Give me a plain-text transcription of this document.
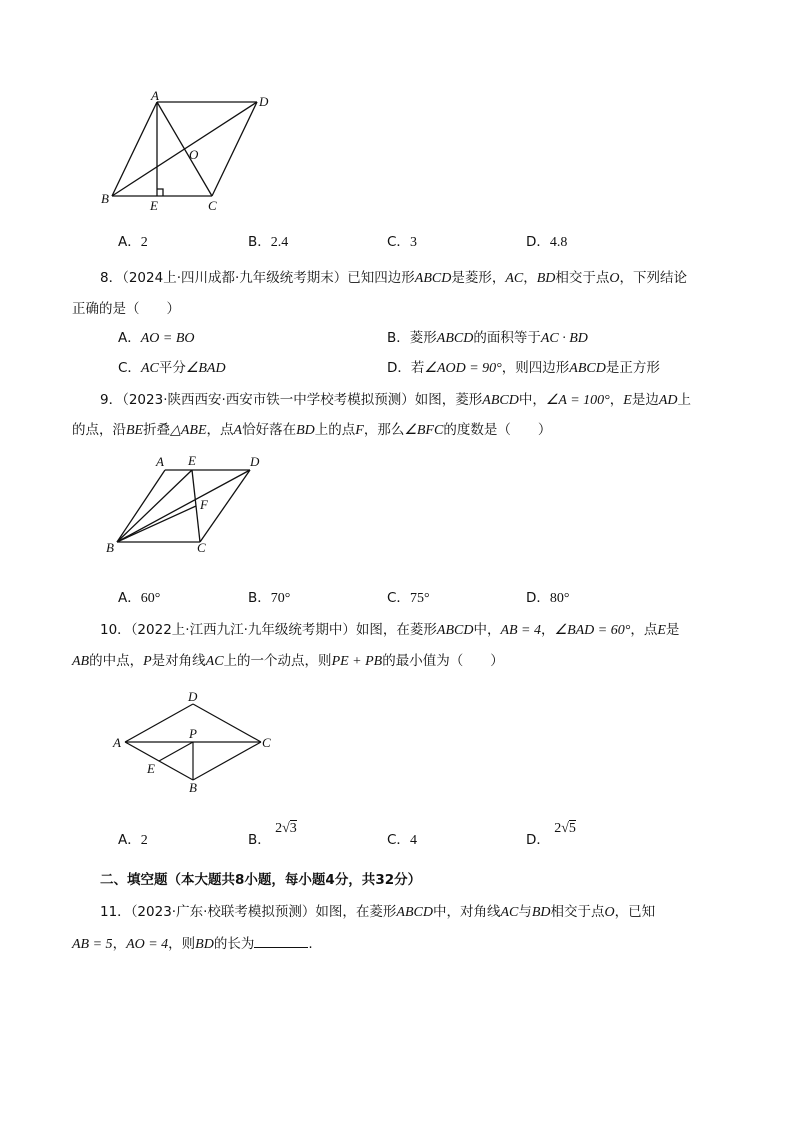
A	D
O
B	E	C
A．2	B．2.4	C．3	D．4.8
8．（2024上·四川成都·九年级统考期末）已知四边形ABCD是菱形，AC，BD相交于点O，下列结论
正确的是（　　）
A．AO = BO	B．菱形ABCD的面积等于AC · BD
C．AC平分∠BAD	D．若∠AOD = 90°，则四边形ABCD是正方形
9．（2023·陕西西安·西安市铁一中学校考模拟预测）如图，菱形ABCD中，∠A = 100°，E是边AD上
的点，沿BE折叠△ABE，点A恰好落在BD上的点F，那么∠BFC的度数是（　　）
A E	D
F
B	C
A．60°	B．70°	C．75°	D．80°
10．（2022上·江西九江·九年级统考期中）如图，在菱形ABCD中，AB = 4，∠BAD = 60°，点E是
AB的中点，P是对角线AC上的一个动点，则PE + PB的最小值为（　　）
D
A
P
C
E
B
A．2	B． 2√3
C．4	D． 2√5
二、填空题（本大题共8小题，每小题4分，共32分）
11．（2023·广东·校联考模拟预测）如图，在菱形ABCD中，对角线AC与BD相交于点O，已知
AB = 5，AO = 4，则BD的长为	.
